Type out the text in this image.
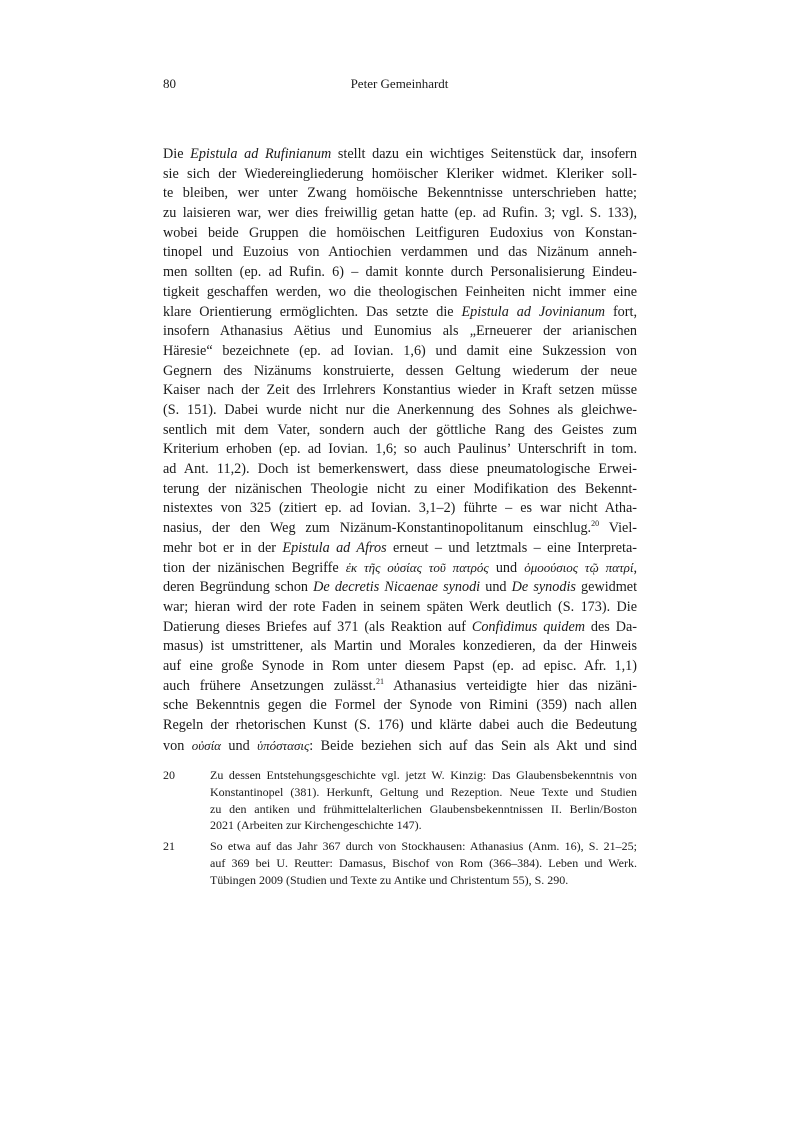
80	Peter Gemeinhardt
Die Epistula ad Rufinianum stellt dazu ein wichtiges Seitenstück dar, insofern
sie sich der Wiedereingliederung homöischer Kleriker widmet. Kleriker soll-
te bleiben, wer unter Zwang homöische Bekenntnisse unterschrieben hatte;
zu laisieren war, wer dies freiwillig getan hatte (ep. ad Rufin. 3; vgl. S. 133),
wobei beide Gruppen die homöischen Leitfiguren Eudoxius von Konstan-
tinopel und Euzoius von Antiochien verdammen und das Nizänum anneh-
men sollten (ep. ad Rufin. 6) – damit konnte durch Personalisierung Eindeu-
tigkeit geschaffen werden, wo die theologischen Feinheiten nicht immer eine
klare Orientierung ermöglichten. Das setzte die Epistula ad Jovinianum fort,
insofern Athanasius Aëtius und Eunomius als „Erneuerer der arianischen
Häresie“ bezeichnete (ep. ad Iovian. 1,6) und damit eine Sukzession von
Gegnern des Nizänums konstruierte, dessen Geltung wiederum der neue
Kaiser nach der Zeit des Irrlehrers Konstantius wieder in Kraft setzen müsse
(S. 151). Dabei wurde nicht nur die Anerkennung des Sohnes als gleichwe-
sentlich mit dem Vater, sondern auch der göttliche Rang des Geistes zum
Kriterium erhoben (ep. ad Iovian. 1,6; so auch Paulinus’ Unterschrift in tom.
ad Ant. 11,2). Doch ist bemerkenswert, dass diese pneumatologische Erwei-
terung der nizänischen Theologie nicht zu einer Modifikation des Bekennt-
nistextes von 325 (zitiert ep. ad Iovian. 3,1–2) führte – es war nicht Atha-
nasius, der den Weg zum Nizänum-Konstantinopolitanum einschlug.$^{20}$ Viel-
mehr bot er in der Epistula ad Afros erneut – und letztmals – eine Interpreta-
tion der nizänischen Begriffe ἐκ τῆς οὐσίας τοῦ πατρός und ὁμοούσιος τῷ πατρί,
deren Begründung schon De decretis Nicaenae synodi und De synodis gewidmet
war; hieran wird der rote Faden in seinem späten Werk deutlich (S. 173). Die
Datierung dieses Briefes auf 371 (als Reaktion auf Confidimus quidem des Da-
masus) ist umstrittener, als Martin und Morales konzedieren, da der Hinweis
auf eine große Synode in Rom unter diesem Papst (ep. ad episc. Afr. 1,1)
auch frühere Ansetzungen zulässt.$^{21}$ Athanasius verteidigte hier das nizäni-
sche Bekenntnis gegen die Formel der Synode von Rimini (359) nach allen
Regeln der rhetorischen Kunst (S. 176) und klärte dabei auch die Bedeutung
von οὐσία und ὑπόστασις: Beide beziehen sich auf das Sein als Akt und sind
20	Zu dessen Entstehungsgeschichte vgl. jetzt W. Kinzig: Das Glaubensbekenntnis von
Konstantinopel (381). Herkunft, Geltung und Rezeption. Neue Texte und Studien
zu den antiken und frühmittelalterlichen Glaubensbekenntnissen II. Berlin/Boston
2021 (Arbeiten zur Kirchengeschichte 147).
21	So etwa auf das Jahr 367 durch von Stockhausen: Athanasius (Anm. 16), S. 21–25;
auf 369 bei U. Reutter: Damasus, Bischof von Rom (366–384). Leben und Werk.
Tübingen 2009 (Studien und Texte zu Antike und Christentum 55), S. 290.
